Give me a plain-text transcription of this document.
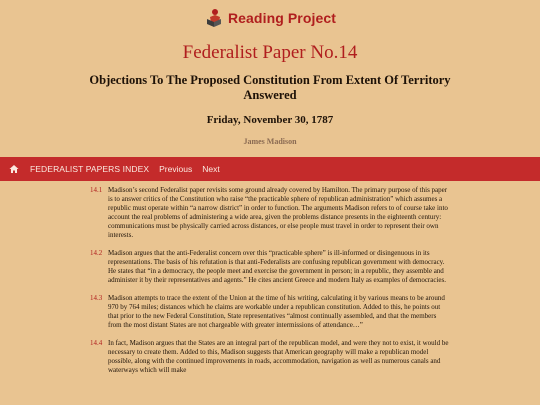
Reading Project
Federalist Paper No.14
Objections To The Proposed Constitution From Extent Of Territory Answered
Friday, November 30, 1787
James Madison
FEDERALIST PAPERS INDEX Previous Next
14.1 Madison’s second Federalist paper revisits some ground already covered by Hamilton. The primary purpose of this paper is to answer critics of the Constitution who raise “the practicable sphere of republican administration” which assumes a republic must operate within “a narrow district” in order to function. The arguments Madison refers to of course take into account the real problems of administering a wide area, given the problems distance presents in the eighteenth century: communications must be physically carried across distances, or else people must travel in order to represent their own interests.

14.2 Madison argues that the anti-Federalist concern over this “practicable sphere” is ill-informed or disingenuous in its representations. The basis of his refutation is that anti-Federalists are confusing republican government with democracy. He states that “in a democracy, the people meet and exercise the government in person; in a republic, they assemble and administer it by their representatives and agents.” He cites ancient Greece and modern Italy as examples of democracies.

14.3 Madison attempts to trace the extent of the Union at the time of his writing, calculating it by various means to be around 970 by 764 miles; distances which he claims are workable under a republican constitution. Added to this, he points out that prior to the new Federal Constitution, State representatives “almost continually assembled, and that the members from the most distant States are not chargeable with greater intermissions of attendance…”

14.4 In fact, Madison argues that the States are an integral part of the republican model, and were they not to exist, it would be necessary to create them. Added to this, Madison suggests that American geography will make a republican model possible, along with the continued improvements in roads, accommodation, navigation as well as numerous canals and waterways which will make
